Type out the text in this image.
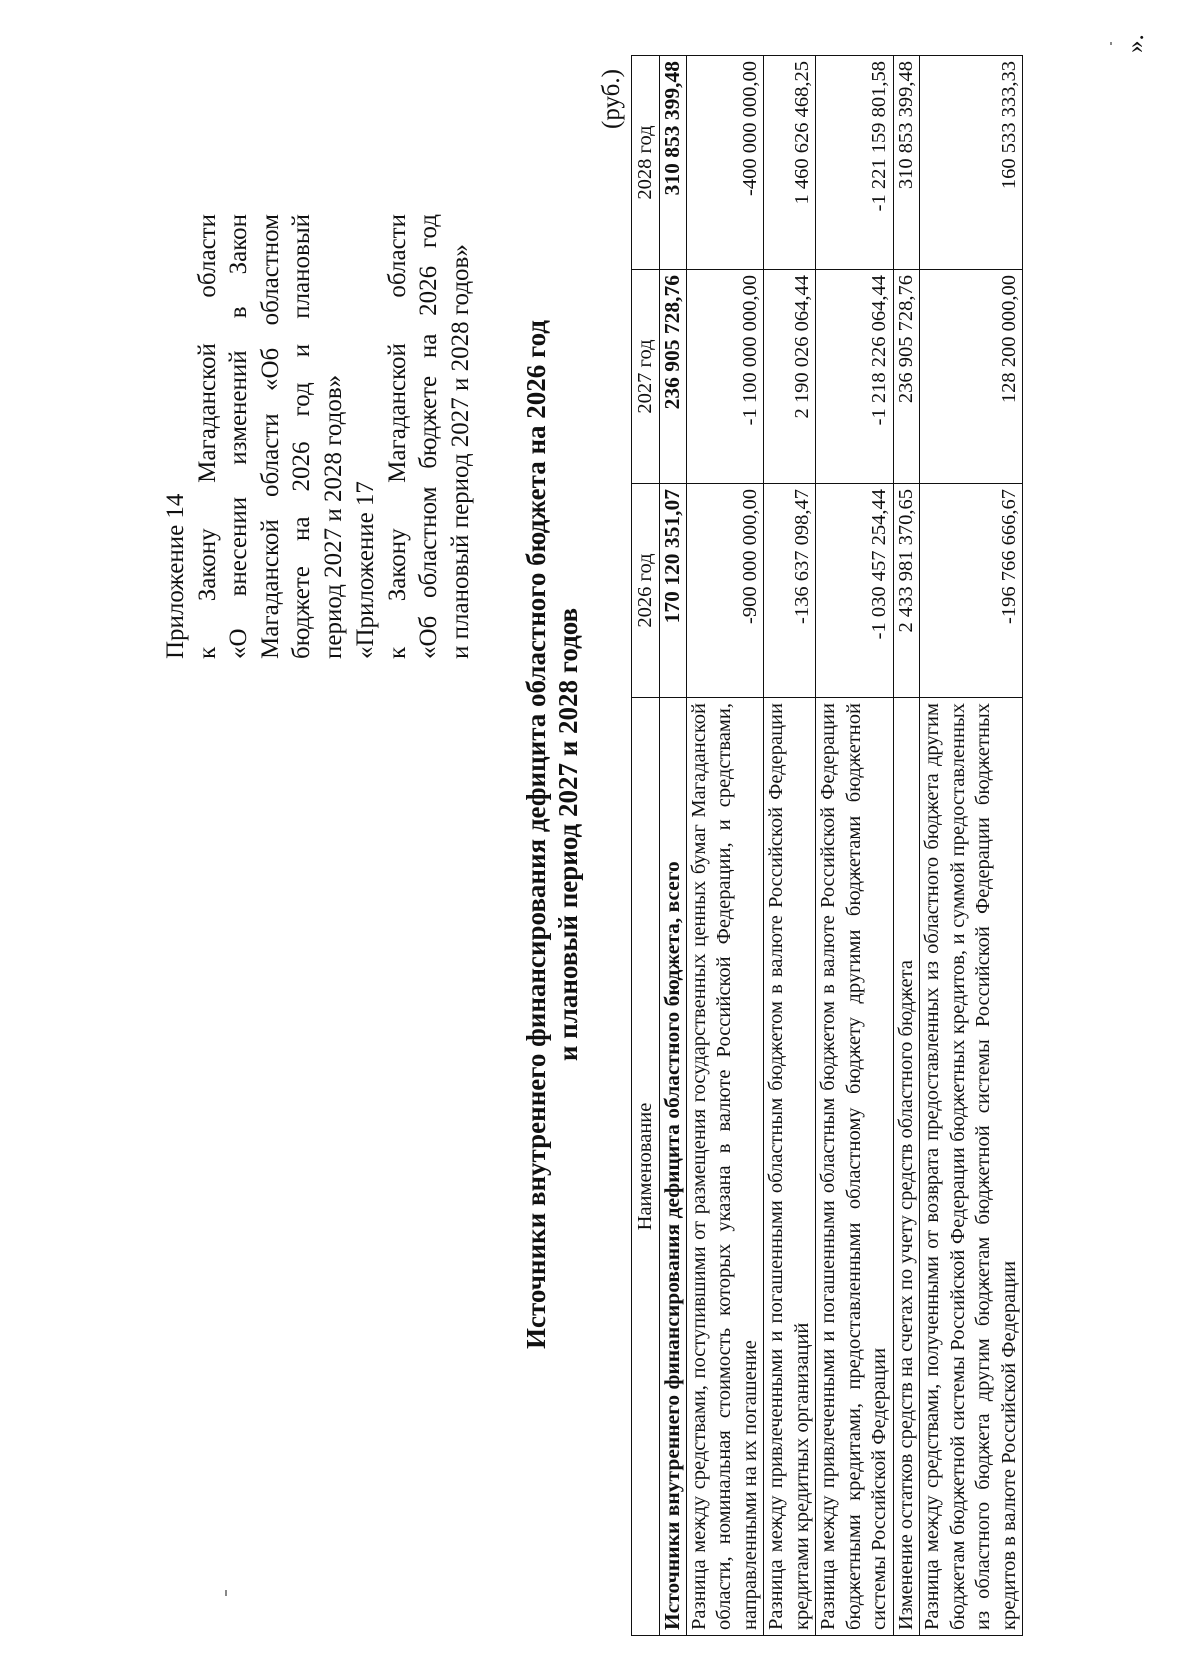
Приложение 14 к Закону Магаданской области «О внесении изменений в Закон Магаданской области «Об областном бюджете на 2026 год и плановый период 2027 и 2028 годов» «Приложение 17 к Закону Магаданской области «Об областном бюджете на 2026 год и плановый период 2027 и 2028 годов» Источники внутреннего финансирования дефицита областного бюджета на 2026 год и плановый период 2027 и 2028 годов
(руб.)
Наименование	2026 год	2027 год	2028 год
Источники внутреннего финансирования дефицита областного бюджета, всего	170 120 351,07	236 905 728,76	310 853 399,48
Разница между средствами, поступившими от размещения государственных ценных бумаг Магаданской области, номинальная стоимость которых указана в валюте Российской Федерации, и средствами, направленными на их погашение	-900 000 000,00	-1 100 000 000,00	-400 000 000,00
Разница между привлеченными и погашенными областным бюджетом в валюте Российской Федерации кредитами кредитных организаций	-136 637 098,47	2 190 026 064,44	1 460 626 468,25
Разница между привлеченными и погашенными областным бюджетом в валюте Российской Федерации бюджетными кредитами, предоставленными областному бюджету другими бюджетами бюджетной системы Российской Федерации	-1 030 457 254,44	-1 218 226 064,44	-1 221 159 801,58
Изменение остатков средств на счетах по учету средств областного бюджета	2 433 981 370,65	236 905 728,76	310 853 399,48
Разница между средствами, полученными от возврата предоставленных из областного бюджета другим бюджетам бюджетной системы Российской Федерации бюджетных кредитов, и суммой предоставленных из областного бюджета другим бюджетам бюджетной системы Российской Федерации бюджетных кредитов в валюте Российской Федерации	-196 766 666,67	128 200 000,00	160 533 333,33
».
